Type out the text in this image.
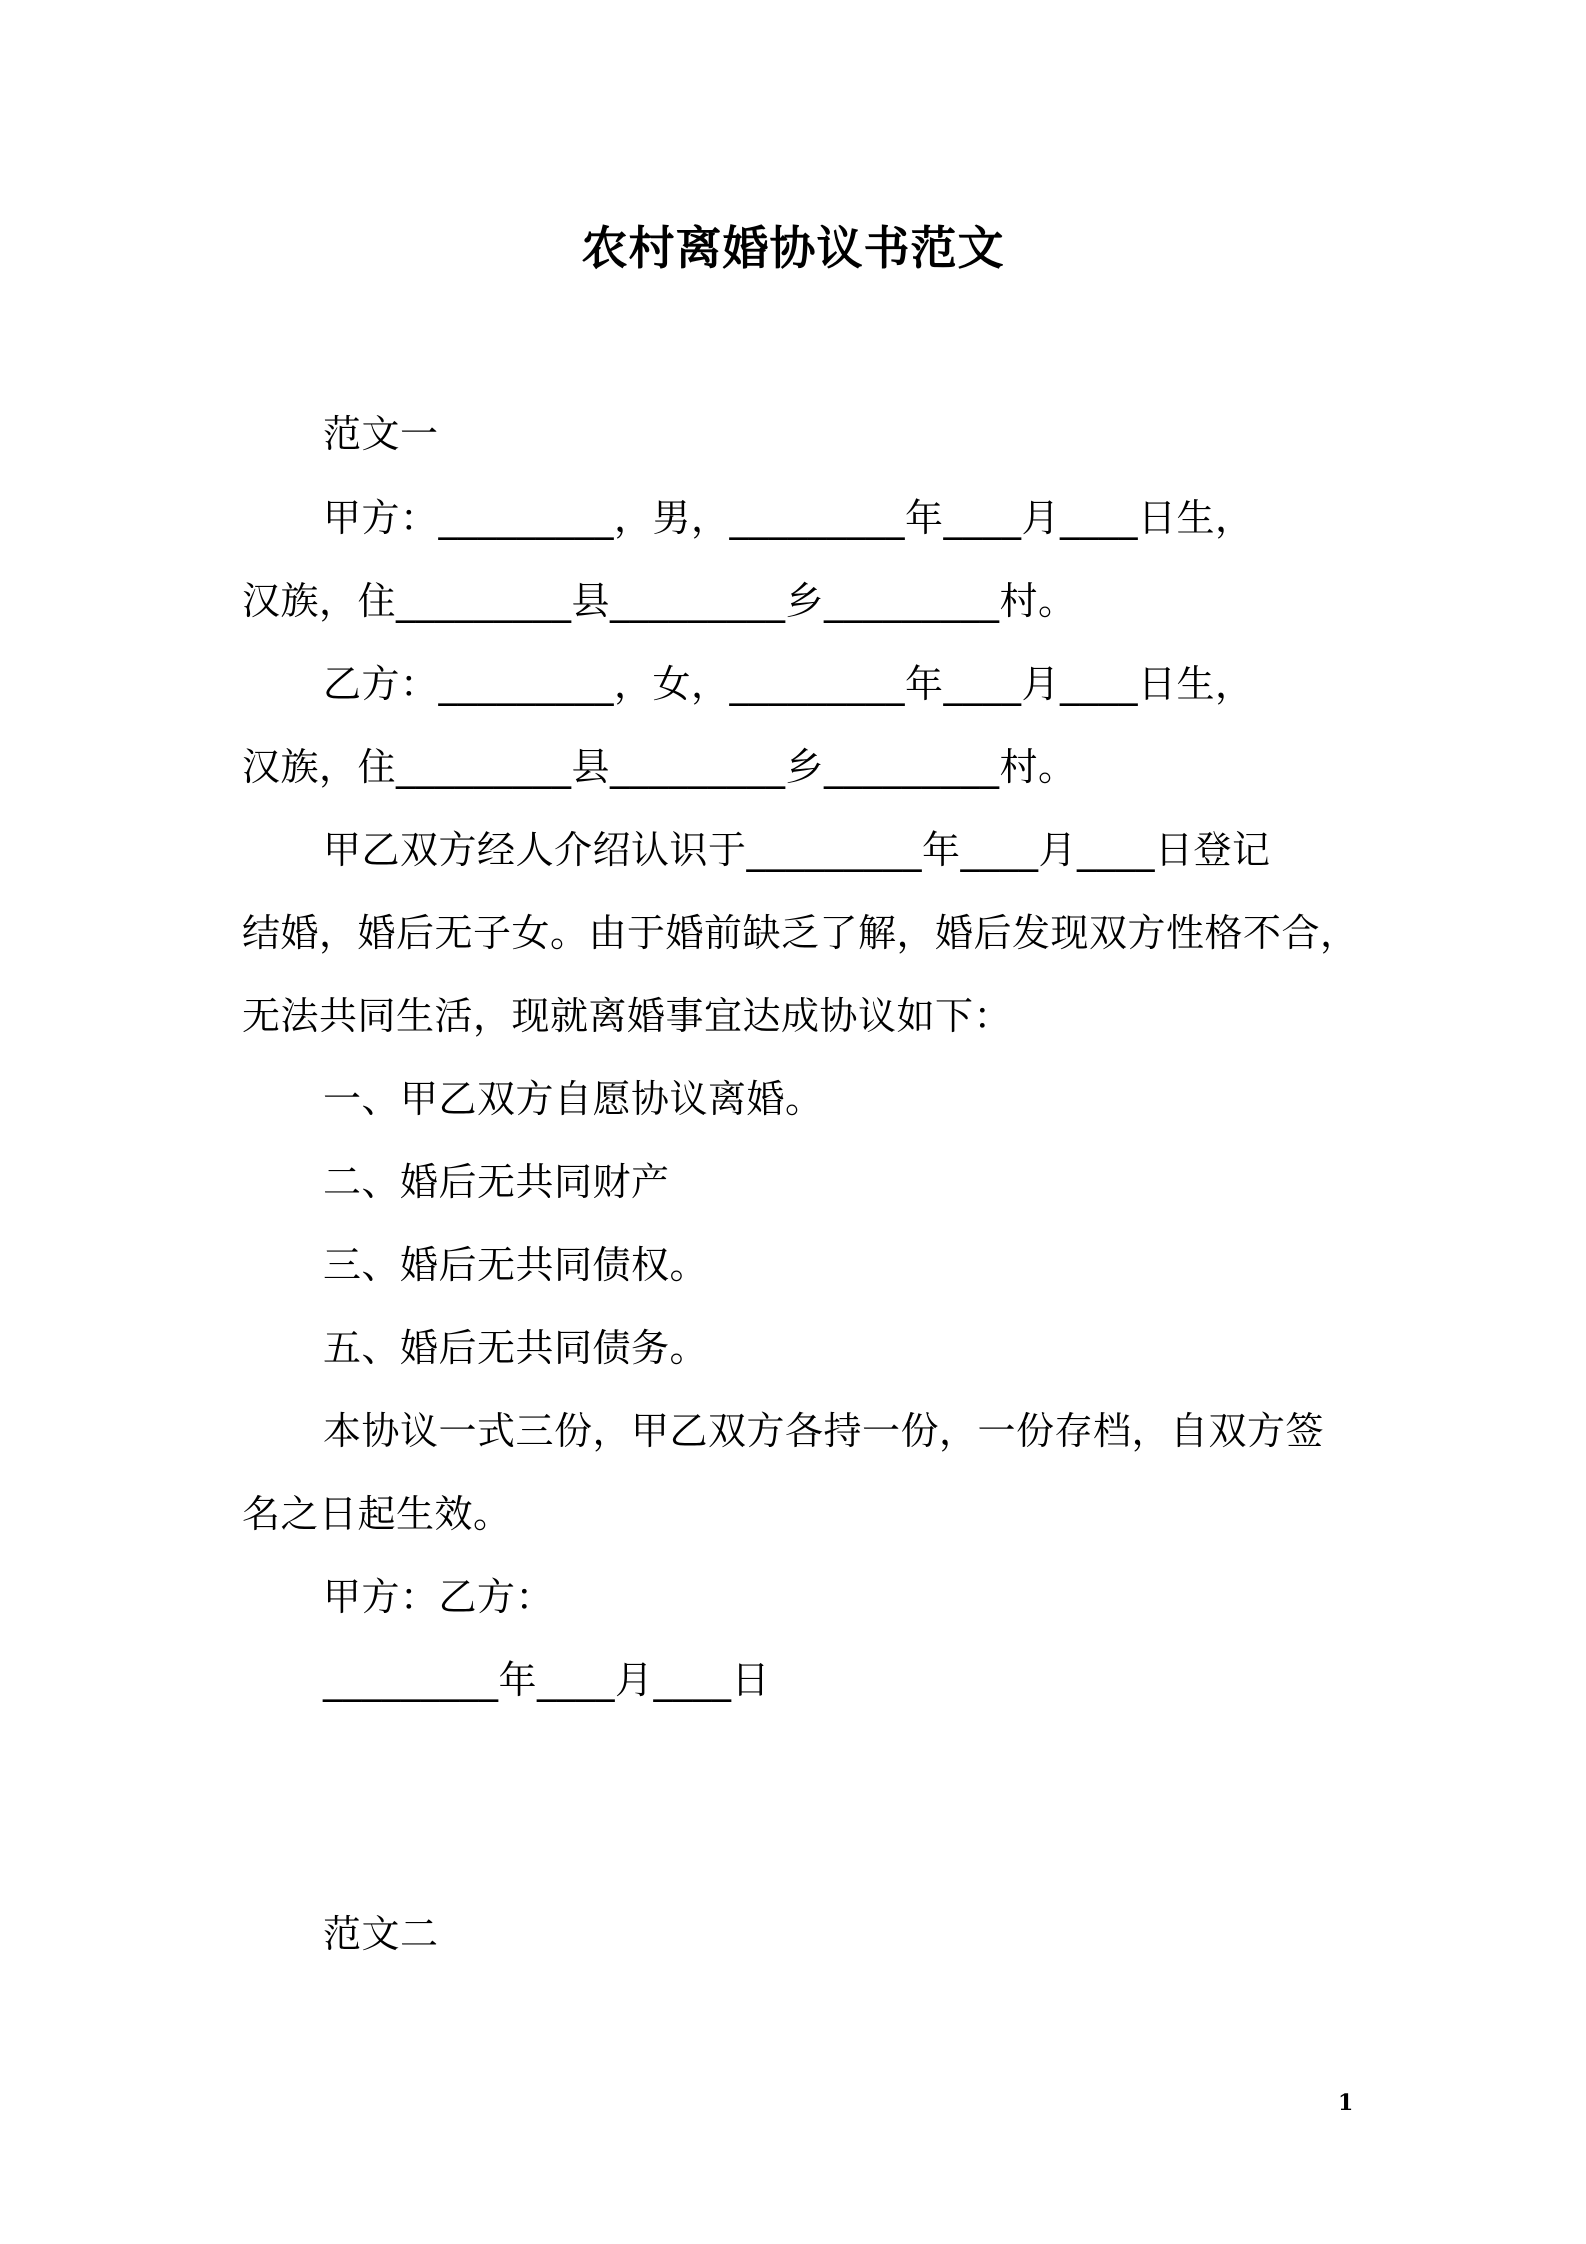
农村离婚协议书范文
范文一
甲方：_________，男，_________年____月____日生，
汉族，住_________县_________乡_________村。
乙方：_________，女，_________年____月____日生，
汉族，住_________县_________乡_________村。
甲乙双方经人介绍认识于_________年____月____日登记
结婚，婚后无子女。由于婚前缺乏了解，婚后发现双方性格不合，
无法共同生活，现就离婚事宜达成协议如下：
一、甲乙双方自愿协议离婚。
二、婚后无共同财产
三、婚后无共同债权。
五、婚后无共同债务。
本协议一式三份，甲乙双方各持一份，一份存档，自双方签
名之日起生效。
甲方：乙方：
_________年____月____日
范文二
1
